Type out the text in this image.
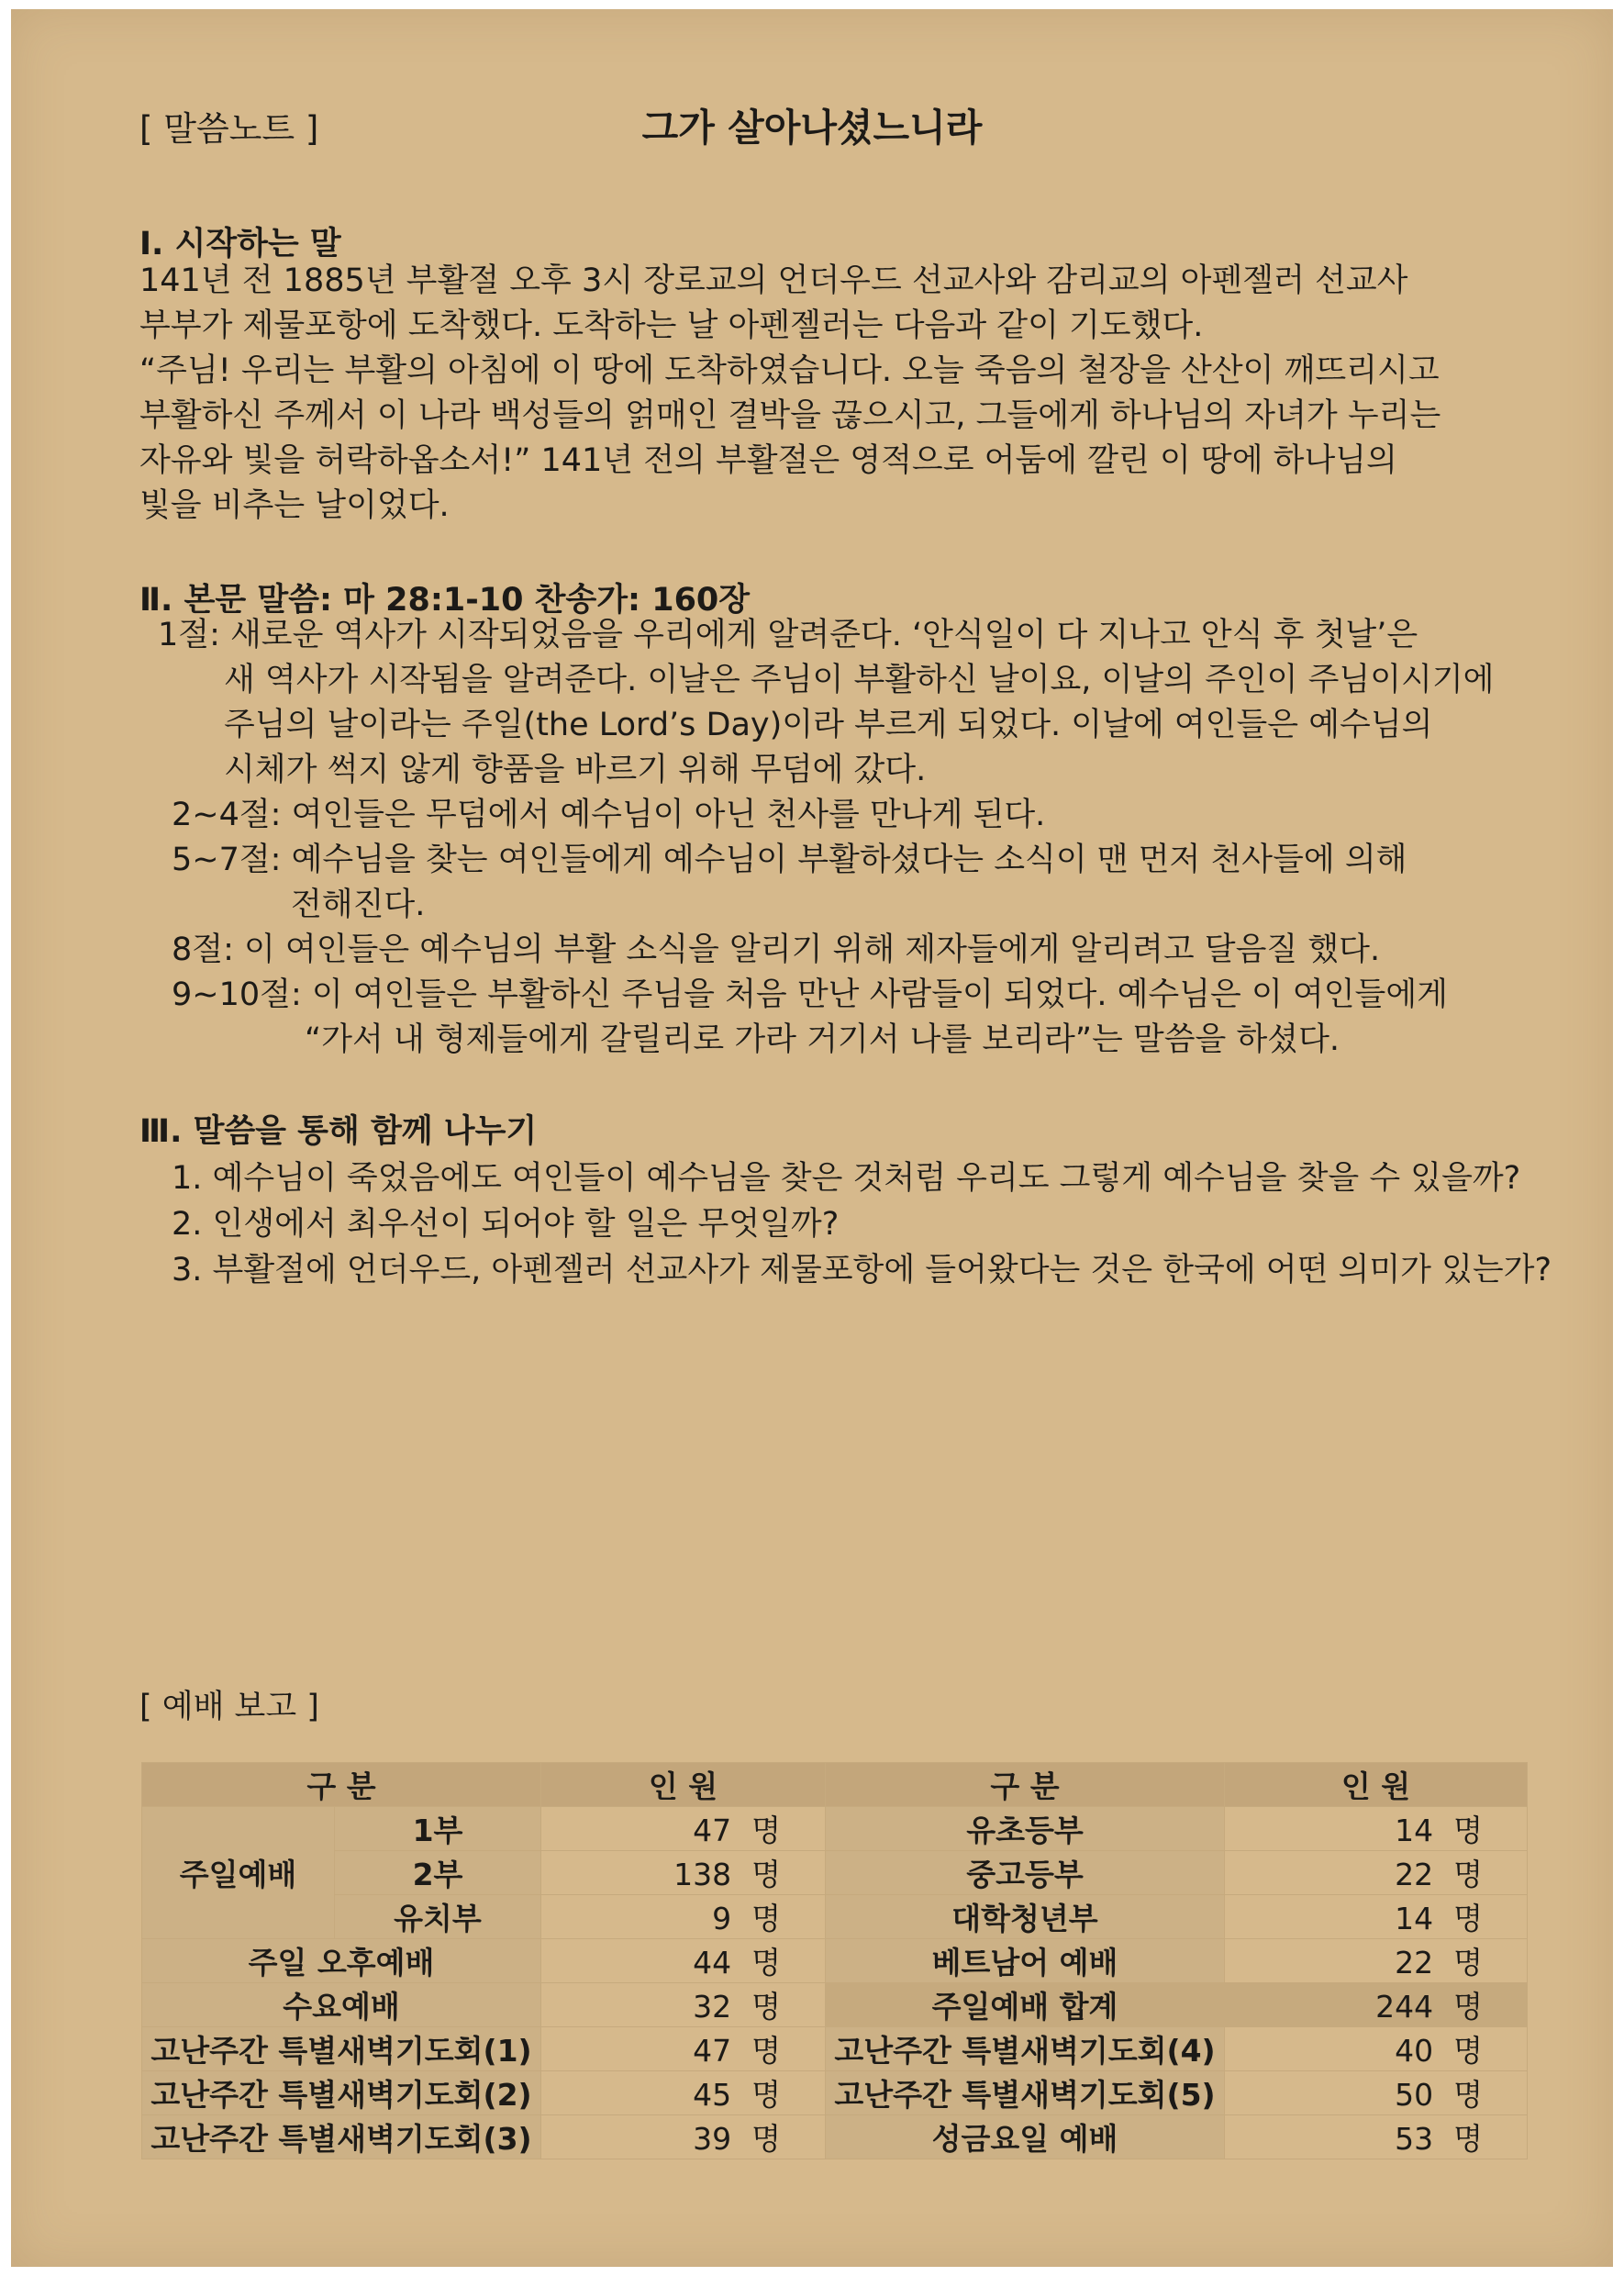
[ 말씀노트 ]	그가 살아나셨느니라
Ⅰ. 시작하는 말

141년 전 1885년 부활절 오후 3시 장로교의 언더우드 선교사와 감리교의 아펜젤러 선교사

부부가 제물포항에 도착했다. 도착하는 날 아펜젤러는 다음과 같이 기도했다.

“주님! 우리는 부활의 아침에 이 땅에 도착하였습니다. 오늘 죽음의 철장을 산산이 깨뜨리시고

부활하신 주께서 이 나라 백성들의 얽매인 결박을 끊으시고, 그들에게 하나님의 자녀가 누리는

자유와 빛을 허락하옵소서!” 141년 전의 부활절은 영적으로 어둠에 깔린 이 땅에 하나님의

빛을 비추는 날이었다.

Ⅱ. 본문 말씀: 마 28:1-10 찬송가: 160장
1절: 새로운 역사가 시작되었음을 우리에게 알려준다. ‘안식일이 다 지나고 안식 후 첫날’은
새 역사가 시작됨을 알려준다. 이날은 주님이 부활하신 날이요, 이날의 주인이 주님이시기에
주님의 날이라는 주일(the Lord’s Day)이라 부르게 되었다. 이날에 여인들은 예수님의
시체가 썩지 않게 향품을 바르기 위해 무덤에 갔다.
2~4절: 여인들은 무덤에서 예수님이 아닌 천사를 만나게 된다.
5~7절: 예수님을 찾는 여인들에게 예수님이 부활하셨다는 소식이 맨 먼저 천사들에 의해
전해진다.
8절: 이 여인들은 예수님의 부활 소식을 알리기 위해 제자들에게 알리려고 달음질 했다.
9~10절: 이 여인들은 부활하신 주님을 처음 만난 사람들이 되었다. 예수님은 이 여인들에게
“가서 내 형제들에게 갈릴리로 가라 거기서 나를 보리라”는 말씀을 하셨다.
Ⅲ. 말씀을 통해 함께 나누기
1. 예수님이 죽었음에도 여인들이 예수님을 찾은 것처럼 우리도 그렇게 예수님을 찾을 수 있을까?
2. 인생에서 최우선이 되어야 할 일은 무엇일까?
3. 부활절에 언더우드, 아펜젤러 선교사가 제물포항에 들어왔다는 것은 한국에 어떤 의미가 있는가?
[ 예배 보고 ]
구 분		인 원	구 분	인 원
주일예배	1부	47 명	유초등부	14 명
	2부	138 명	중고등부	22 명
	유치부	9 명	대학청년부	14 명
주일 오후예배		44 명	베트남어 예배	22 명
수요예배		32 명	주일예배 합계	244 명
고난주간 특별새벽기도회(1)		47 명	고난주간 특별새벽기도회(4)	40 명
고난주간 특별새벽기도회(2)		45 명	고난주간 특별새벽기도회(5)	50 명
고난주간 특별새벽기도회(3)		39 명	성금요일 예배	53 명
